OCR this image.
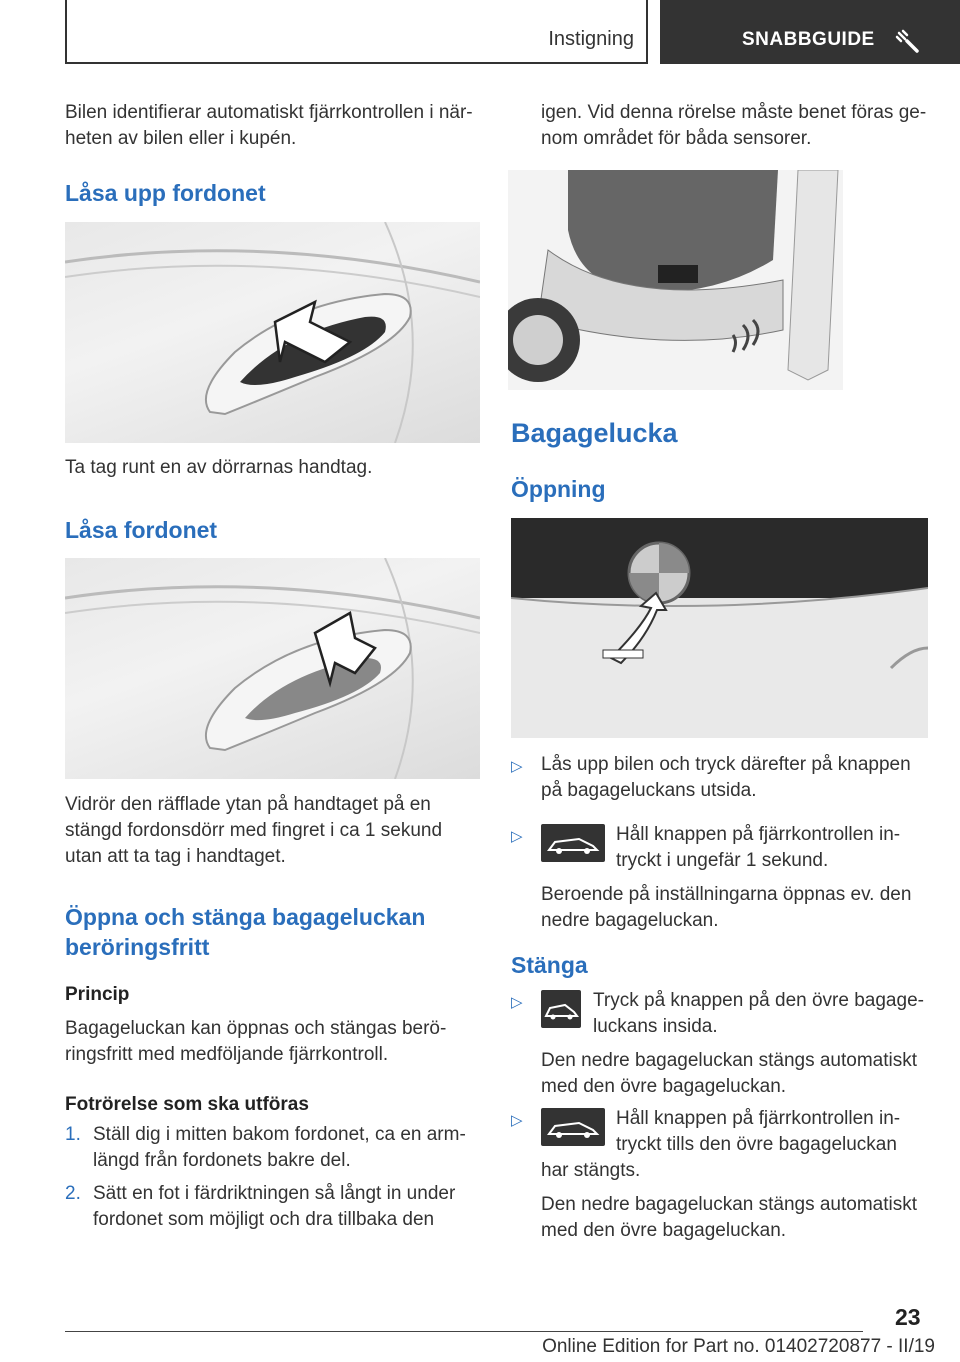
Instigning	SNABBGUIDE

Bilen identifierar automatiskt fjärrkontrollen i när-

heten av bilen eller i kupén.

Låsa upp fordonet

Ta tag runt en av dörrarnas handtag.

Låsa fordonet

Vidrör den räfflade ytan på handtaget på en

stängd fordonsdörr med fingret i ca 1 sekund

utan att ta tag i handtaget.

Öppna och stänga bagageluckan
beröringsfritt
Princip

Bagageluckan kan öppnas och stängas berö-

ringsfritt med medföljande fjärrkontroll.

Fotrörelse som ska utföras
1. Ställ dig i mitten bakom fordonet, ca en arm-
längd från fordonets bakre del.
2. Sätt en fot i färdriktningen så långt in under
fordonet som möjligt och dra tillbaka den

igen. Vid denna rörelse måste benet föras ge-

nom området för båda sensorer.

Bagagelucka
Öppning
▷ Lås upp bilen och tryck därefter på knappen
på bagageluckans utsida.
▷	Håll knappen på fjärrkontrollen in-
tryckt i ungefär 1 sekund.
Beroende på inställningarna öppnas ev. den
nedre bagageluckan.
Stänga
▷	Tryck på knappen på den övre bagage-
luckans insida.
Den nedre bagageluckan stängs automatiskt
med den övre bagageluckan.
▷	Håll knappen på fjärrkontrollen in-
tryckt tills den övre bagageluckan
har stängts.
Den nedre bagageluckan stängs automatiskt
med den övre bagageluckan.
23
Online Edition for Part no. 01402720877 - II/19
